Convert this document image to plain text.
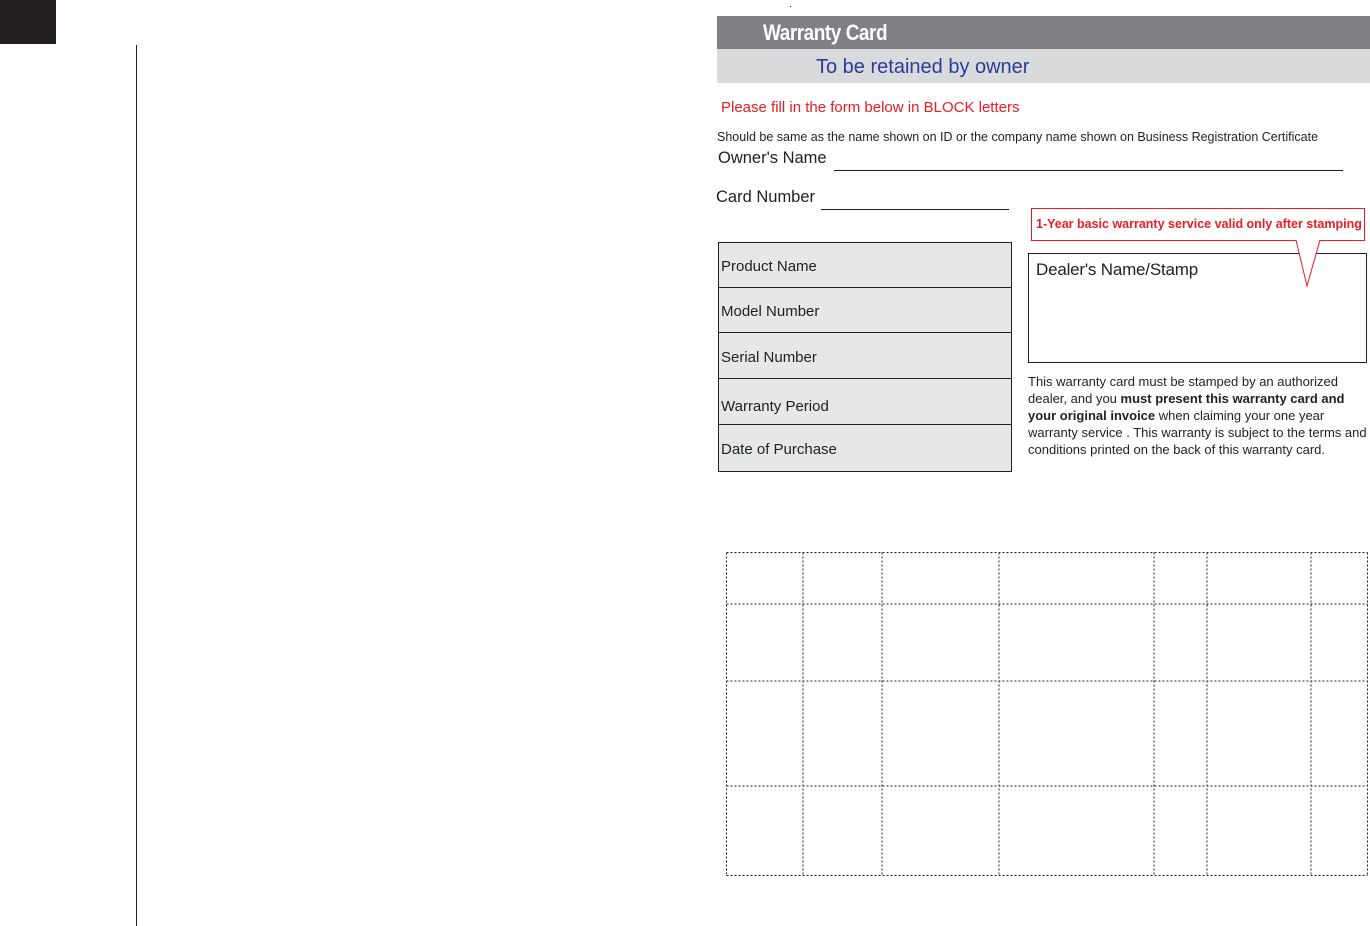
Warranty Card
To be retained by owner
Please fill in the form below in BLOCK letters
Should be same as the name shown on ID or the company name shown on Business Registration Certificate
Owner's Name
Card Number
Product Name
Model Number
Serial Number
Warranty Period
Date of Purchase
1-Year basic warranty service valid only after stamping
Dealer's Name/Stamp
This warranty card must be stamped by an authorized dealer, and you must present this warranty card and your original invoice when claiming your one year warranty service . This warranty is subject to the terms and conditions printed on the back of this warranty card.
